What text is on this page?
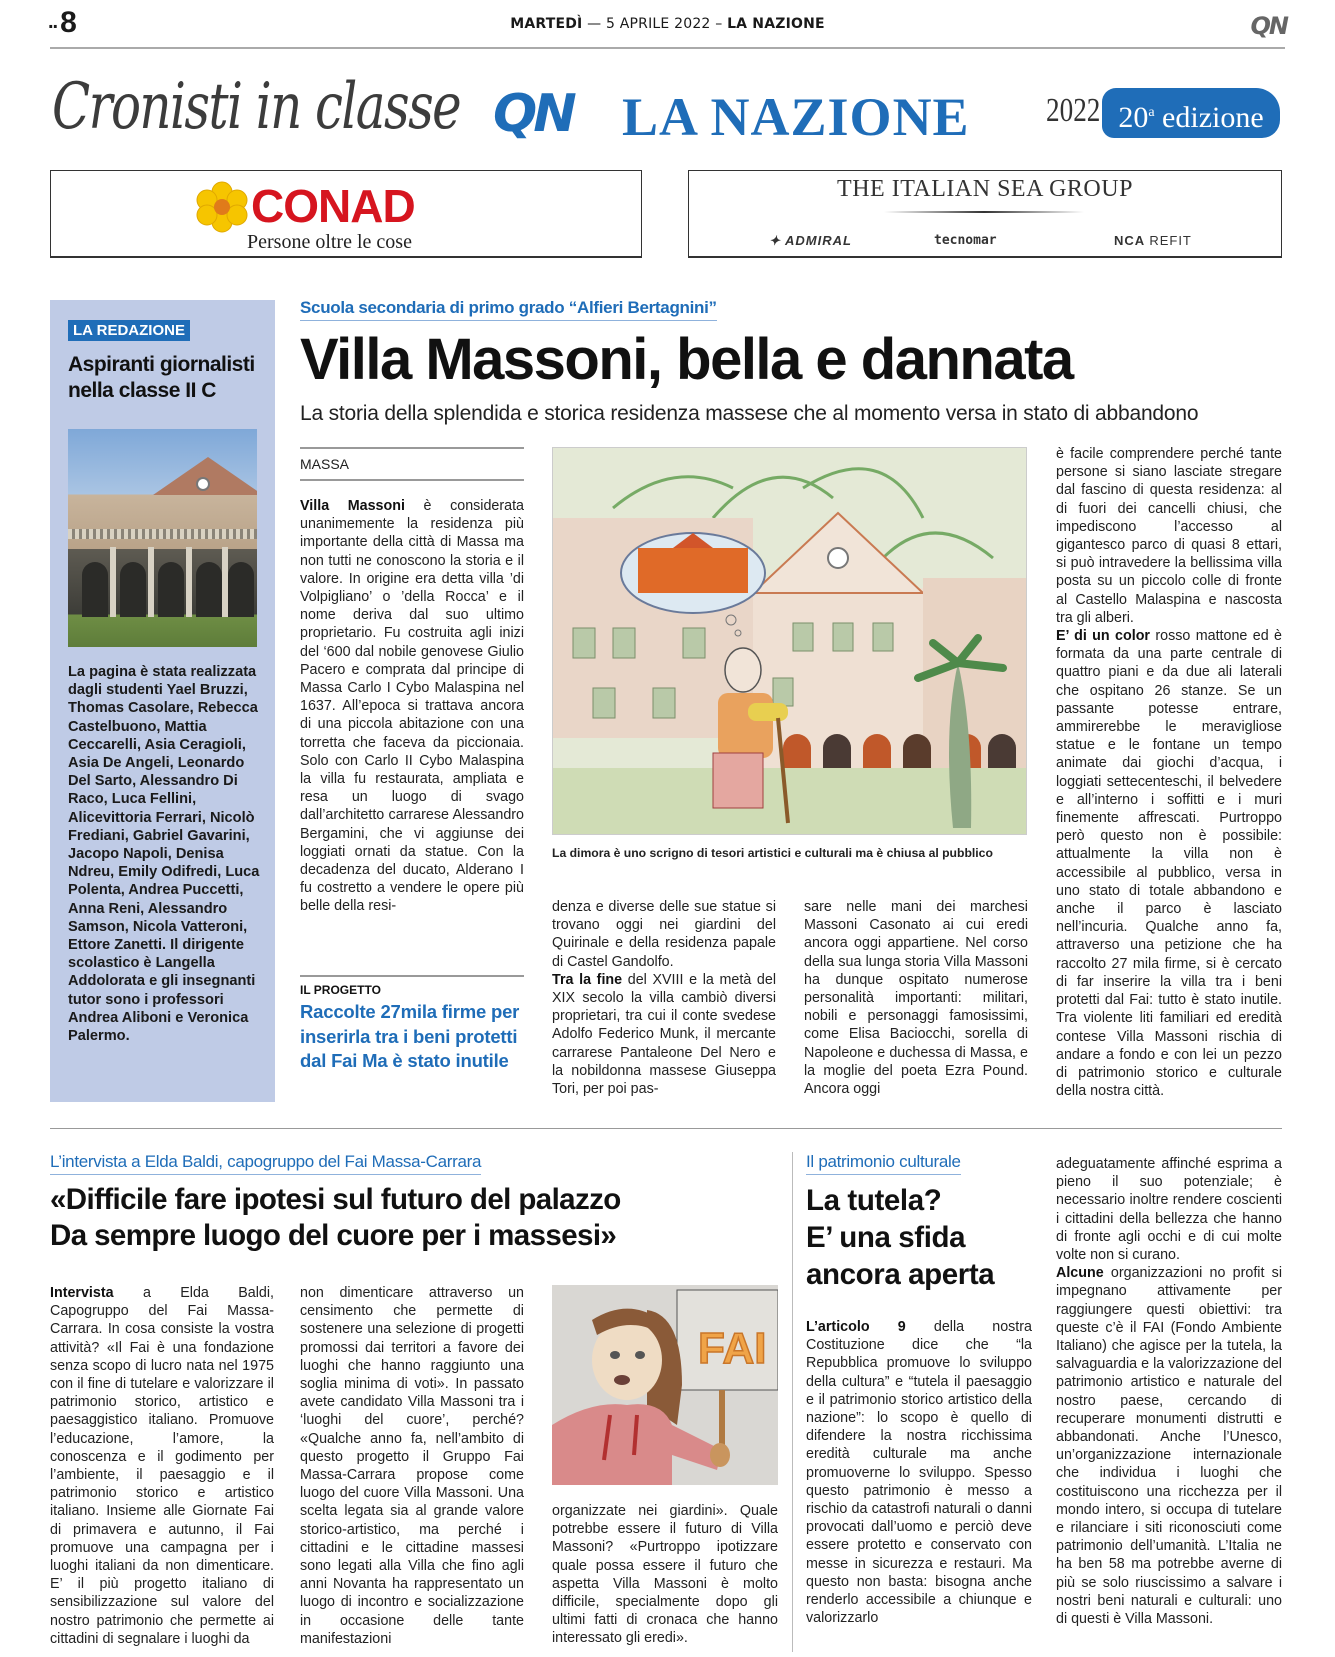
.. 8	MARTEDÌ — 5 APRILE 2022 – LA NAZIONE	QN
Cronisti in classe QN LA NAZIONE 2022 20$^a$ edizione
CONAD
Persone oltre le cose
THE ITALIAN SEA GROUP
✦ ADMIRAL	tecnomar	NCA REFIT
LA REDAZIONE
Aspiranti giornalisti nella classe II C
La pagina è stata realizzata dagli studenti Yael Bruzzi, Thomas Casolare, Rebecca Castelbuono, Mattia Ceccarelli, Asia Ceragioli, Asia De Angeli, Leonardo Del Sarto, Alessandro Di Raco, Luca Fellini, Alicevittoria Ferrari, Nicolò Frediani, Gabriel Gavarini, Jacopo Napoli, Denisa Ndreu, Emily Odifredi, Luca Polenta, Andrea Puccetti, Anna Reni, Alessandro Samson, Nicola Vatteroni, Ettore Zanetti. Il dirigente scolastico è Langella Addolorata e gli insegnanti tutor sono i professori Andrea Aliboni e Veronica Palermo.
Scuola secondaria di primo grado “Alfieri Bertagnini”
Villa Massoni, bella e dannata
La storia della splendida e storica residenza massese che al momento versa in stato di abbandono
MASSA
Villa Massoni è considerata unanimemente la residenza più importante della città di Massa ma non tutti ne conoscono la storia e il valore. In origine era detta villa ’di Volpigliano’ o ’della Rocca’ e il nome deriva dal suo ultimo proprietario. Fu costruita agli inizi del ‘600 dal nobile genovese Giulio Pacero e comprata dal principe di Massa Carlo I Cybo Malaspina nel 1637. All’epoca si trattava ancora di una piccola abitazione con una torretta che faceva da piccionaia. Solo con Carlo II Cybo Malaspina la villa fu restaurata, ampliata e resa un luogo di svago dall’architetto carrarese Alessandro Bergamini, che vi aggiunse dei loggiati ornati da statue. Con la decadenza del ducato, Alderano I fu costretto a vendere le opere più belle della resi-
IL PROGETTO
Raccolte 27mila firme per inserirla tra i beni protetti dal Fai Ma è stato inutile
La dimora è uno scrigno di tesori artistici e culturali ma è chiusa al pubblico
denza e diverse delle sue statue si trovano oggi nei giardini del Quirinale e della residenza papale di Castel Gandolfo.
Tra la fine del XVIII e la metà del XIX secolo la villa cambiò diversi proprietari, tra cui il conte svedese Adolfo Federico Munk, il mercante carrarese Pantaleone Del Nero e la nobildonna massese Giuseppa Tori, per poi pas-
sare nelle mani dei marchesi Massoni Casonato ai cui eredi ancora oggi appartiene. Nel corso della sua lunga storia Villa Massoni ha dunque ospitato numerose personalità importanti: militari, nobili e personaggi famosissimi, come Elisa Baciocchi, sorella di Napoleone e duchessa di Massa, e la moglie del poeta Ezra Pound. Ancora oggi
è facile comprendere perché tante persone si siano lasciate stregare dal fascino di questa residenza: al di fuori dei cancelli chiusi, che impediscono l’accesso al gigantesco parco di quasi 8 ettari, si può intravedere la bellissima villa posta su un piccolo colle di fronte al Castello Malaspina e nascosta tra gli alberi.
E’ di un color rosso mattone ed è formata da una parte centrale di quattro piani e da due ali laterali che ospitano 26 stanze. Se un passante potesse entrare, ammirerebbe le meravigliose statue e le fontane un tempo animate dai giochi d’acqua, i loggiati settecenteschi, il belvedere e all’interno i soffitti e i muri finemente affrescati. Purtroppo però questo non è possibile: attualmente la villa non è accessibile al pubblico, versa in uno stato di totale abbandono e anche il parco è lasciato nell’incuria. Qualche anno fa, attraverso una petizione che ha raccolto 27 mila firme, si è cercato di far inserire la villa tra i beni protetti dal Fai: tutto è stato inutile. Tra violente liti familiari ed eredità contese Villa Massoni rischia di andare a fondo e con lei un pezzo di patrimonio storico e culturale della nostra città.
L’intervista a Elda Baldi, capogruppo del Fai Massa-Carrara
«Difficile fare ipotesi sul futuro del palazzo
Da sempre luogo del cuore per i massesi»
Intervista a Elda Baldi, Capogruppo del Fai Massa-Carrara. In cosa consiste la vostra attività? «Il Fai è una fondazione senza scopo di lucro nata nel 1975 con il fine di tutelare e valorizzare il patrimonio storico, artistico e paesaggistico italiano. Promuove l’educazione, l’amore, la conoscenza e il godimento per l’ambiente, il paesaggio e il patrimonio storico e artistico italiano. Insieme alle Giornate Fai di primavera e autunno, il Fai promuove una campagna per i luoghi italiani da non dimenticare. E’ il più progetto italiano di sensibilizzazione sul valore del nostro patrimonio che permette ai cittadini di segnalare i luoghi da
non dimenticare attraverso un censimento che permette di sostenere una selezione di progetti promossi dai territori a favore dei luoghi che hanno raggiunto una soglia minima di voti». In passato avete candidato Villa Massoni tra i ‘luoghi del cuore’, perché? «Qualche anno fa, nell’ambito di questo progetto il Gruppo Fai Massa-Carrara propose come luogo del cuore Villa Massoni. Una scelta legata sia al grande valore storico-artistico, ma perché i cittadini e le cittadine massesi sono legati alla Villa che fino agli anni Novanta ha rappresentato un luogo di incontro e socializzazione in occasione delle tante manifestazioni
FAI
organizzate nei giardini». Quale potrebbe essere il futuro di Villa Massoni? «Purtroppo ipotizzare quale possa essere il futuro che aspetta Villa Massoni è molto difficile, specialmente dopo gli ultimi fatti di cronaca che hanno interessato gli eredi».
Il patrimonio culturale
La tutela?
E’ una sfida
ancora aperta
L’articolo 9 della nostra Costituzione dice che “la Repubblica promuove lo sviluppo della cultura” e “tutela il paesaggio e il patrimonio storico artistico della nazione”: lo scopo è quello di difendere la nostra ricchissima eredità culturale ma anche promuoverne lo sviluppo. Spesso questo patrimonio è messo a rischio da catastrofi naturali o danni provocati dall’uomo e perciò deve essere protetto e conservato con messe in sicurezza e restauri. Ma questo non basta: bisogna anche renderlo accessibile a chiunque e valorizzarlo
adeguatamente affinché esprima a pieno il suo potenziale; è necessario inoltre rendere coscienti i cittadini della bellezza che hanno di fronte agli occhi e di cui molte volte non si curano.
Alcune organizzazioni no profit si impegnano attivamente per raggiungere questi obiettivi: tra queste c’è il FAI (Fondo Ambiente Italiano) che agisce per la tutela, la salvaguardia e la valorizzazione del patrimonio artistico e naturale del nostro paese, cercando di recuperare monumenti distrutti e abbandonati. Anche l’Unesco, un’organizzazione internazionale che individua i luoghi che costituiscono una ricchezza per il mondo intero, si occupa di tutelare e rilanciare i siti riconosciuti come patrimonio dell’umanità. L’Italia ne ha ben 58 ma potrebbe averne di più se solo riuscissimo a salvare i nostri beni naturali e culturali: uno di questi è Villa Massoni.
